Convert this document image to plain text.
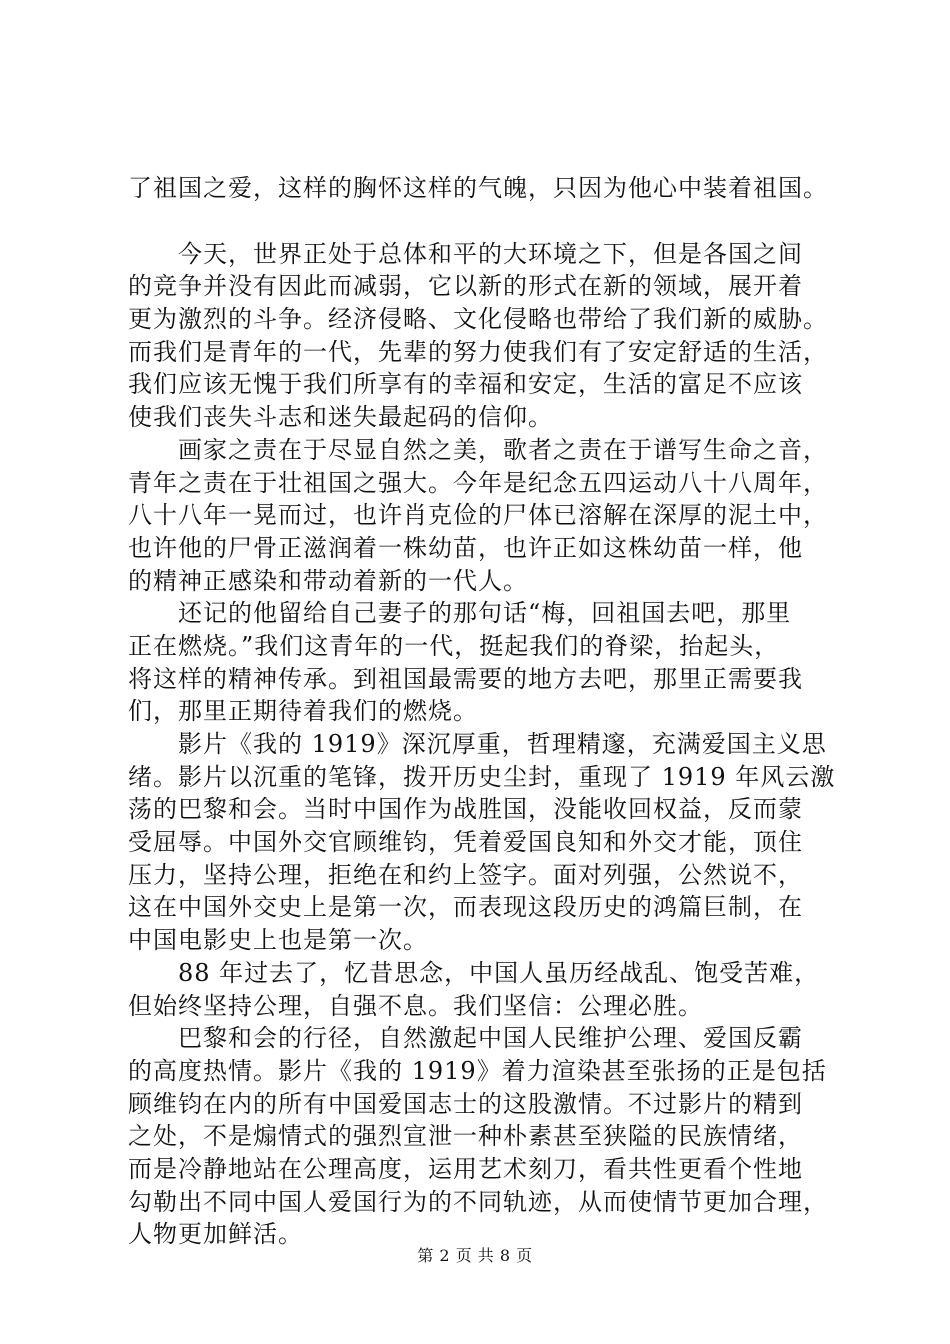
了祖国之爱，这样的胸怀这样的气魄，只因为他心中装着祖国。
　　今天，世界正处于总体和平的大环境之下，但是各国之间
的竞争并没有因此而减弱，它以新的形式在新的领域，展开着
更为激烈的斗争。经济侵略、文化侵略也带给了我们新的威胁。
而我们是青年的一代，先辈的努力使我们有了安定舒适的生活，
我们应该无愧于我们所享有的幸福和安定，生活的富足不应该
使我们丧失斗志和迷失最起码的信仰。
　　画家之责在于尽显自然之美，歌者之责在于谱写生命之音，
青年之责在于壮祖国之强大。今年是纪念五四运动八十八周年，
八十八年一晃而过，也许肖克俭的尸体已溶解在深厚的泥土中，
也许他的尸骨正滋润着一株幼苗，也许正如这株幼苗一样，他
的精神正感染和带动着新的一代人。
　　还记的他留给自己妻子的那句话“梅，回祖国去吧，那里
正在燃烧。”我们这青年的一代，挺起我们的脊梁，抬起头，
将这样的精神传承。到祖国最需要的地方去吧，那里正需要我
们，那里正期待着我们的燃烧。
　　影片《我的 1919》深沉厚重，哲理精邃，充满爱国主义思
绪。影片以沉重的笔锋，拨开历史尘封，重现了 1919 年风云激
荡的巴黎和会。当时中国作为战胜国，没能收回权益，反而蒙
受屈辱。中国外交官顾维钧，凭着爱国良知和外交才能，顶住
压力，坚持公理，拒绝在和约上签字。面对列强，公然说不，
这在中国外交史上是第一次，而表现这段历史的鸿篇巨制，在
中国电影史上也是第一次。
　　88 年过去了，忆昔思念，中国人虽历经战乱、饱受苦难，
但始终坚持公理，自强不息。我们坚信：公理必胜。
　　巴黎和会的行径，自然激起中国人民维护公理、爱国反霸
的高度热情。影片《我的 1919》着力渲染甚至张扬的正是包括
顾维钧在内的所有中国爱国志士的这股激情。不过影片的精到
之处，不是煽情式的强烈宣泄一种朴素甚至狭隘的民族情绪，
而是冷静地站在公理高度，运用艺术刻刀，看共性更看个性地
勾勒出不同中国人爱国行为的不同轨迹，从而使情节更加合理，
人物更加鲜活。
第 2 页 共 8 页
